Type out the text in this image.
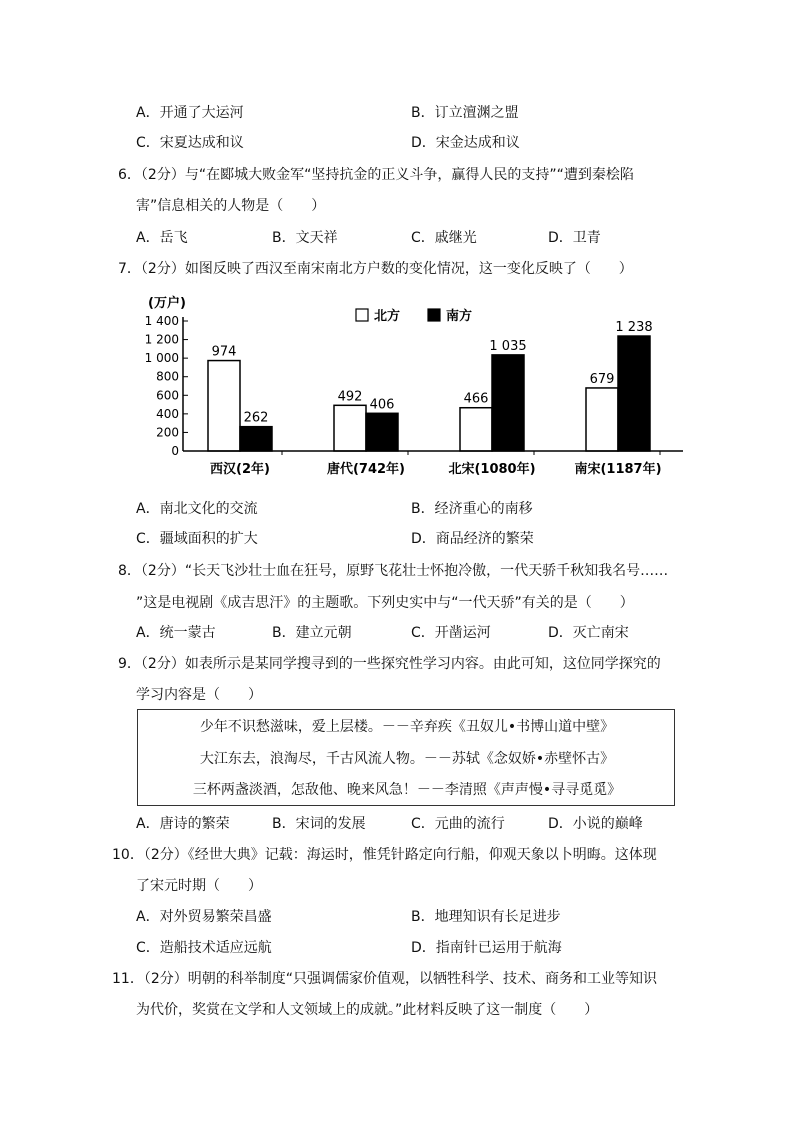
A．开通了大运河	B．订立澶渊之盟
C．宋夏达成和议	D．宋金达成和议
6．（2分）与“在郾城大败金军“坚持抗金的正义斗争，赢得人民的支持”“遭到秦桧陷
害”信息相关的人物是（　　）
A．岳飞	B．文天祥	C．戚继光	D．卫青
7．（2分）如图反映了西汉至南宋南北方户数的变化情况，这一变化反映了（　　）
(万户)
北方	南方
0
200
400
600
800
1 000
1 200
1 400
974
262
492
406	466
1 035
679
1 238
西汉(2年)	唐代(742年)	北宋(1080年)	南宋(1187年)
A．南北文化的交流	B．经济重心的南移
C．疆域面积的扩大	D．商品经济的繁荣
8．（2分）“长天飞沙壮士血在狂号，原野飞花壮士怀抱冷傲，一代天骄千秋知我名号……
”这是电视剧《成吉思汗》的主题歌。下列史实中与“一代天骄”有关的是（　　）
A．统一蒙古	B．建立元朝	C．开凿运河	D．灭亡南宋
9．（2分）如表所示是某同学搜寻到的一些探究性学习内容。由此可知，这位同学探究的
学习内容是（　　）
少年不识愁滋味，爱上层楼。－－辛弃疾《丑奴儿•书博山道中壁》
大江东去，浪淘尽，千古风流人物。－－苏轼《念奴娇•赤壁怀古》
三杯两盏淡酒，怎敌他、晚来风急！－－李清照《声声慢•寻寻觅觅》
A．唐诗的繁荣	B．宋词的发展	C．元曲的流行	D．小说的巅峰
10．（2分）《经世大典》记载：海运时，惟凭针路定向行船，仰观天象以卜明晦。这体现
了宋元时期（　　）
A．对外贸易繁荣昌盛	B．地理知识有长足进步
C．造船技术适应远航	D．指南针已运用于航海
11．（2分）明朝的科举制度“只强调儒家价值观，以牺牲科学、技术、商务和工业等知识
为代价，奖赏在文学和人文领域上的成就。”此材料反映了这一制度（　　）
